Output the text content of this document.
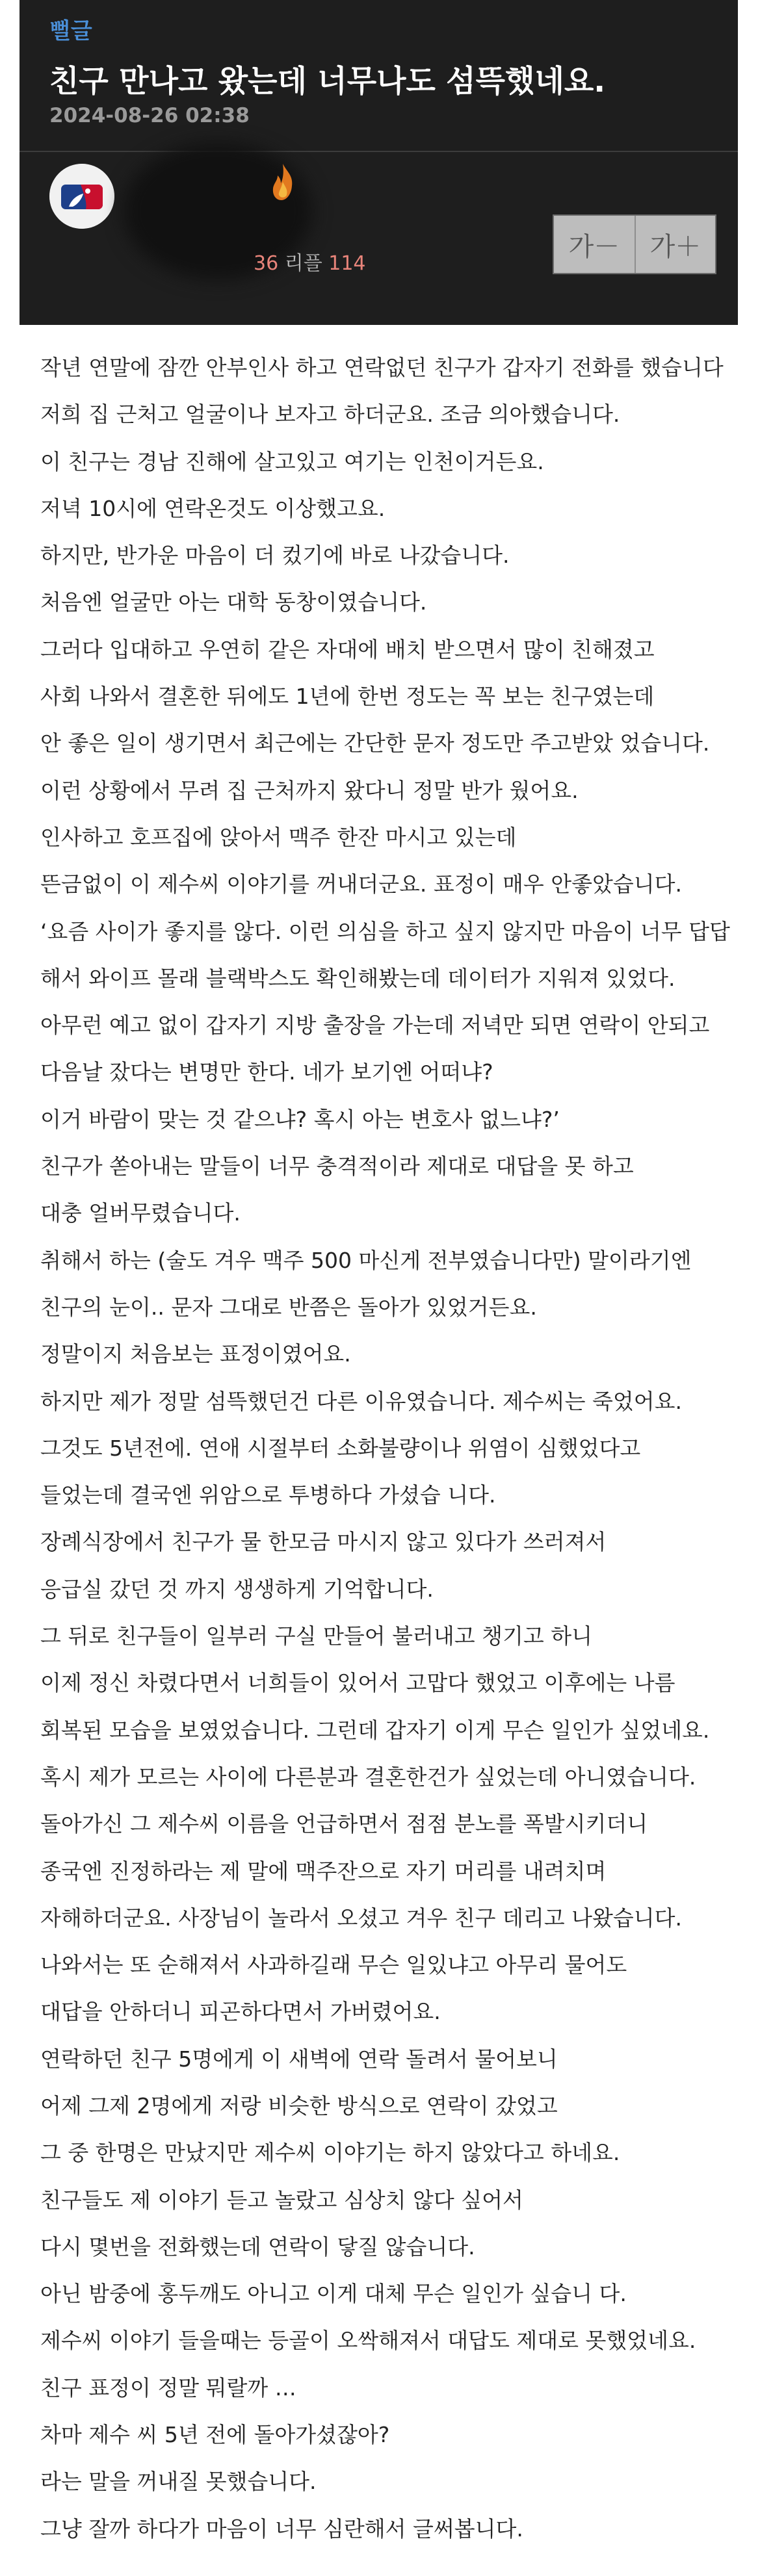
뻘글
친구 만나고 왔는데 너무나도 섬뜩했네요.
2024-08-26 02:38
36 리플 114
가－	가＋
작년 연말에 잠깐 안부인사 하고 연락없던 친구가 갑자기 전화를 했습니다
저희 집 근처고 얼굴이나 보자고 하더군요. 조금 의아했습니다.
이 친구는 경남 진해에 살고있고 여기는 인천이거든요.
저녁 10시에 연락온것도 이상했고요.
하지만, 반가운 마음이 더 컸기에 바로 나갔습니다.
처음엔 얼굴만 아는 대학 동창이였습니다.
그러다 입대하고 우연히 같은 자대에 배치 받으면서 많이 친해졌고
사회 나와서 결혼한 뒤에도 1년에 한번 정도는 꼭 보는 친구였는데
안 좋은 일이 생기면서 최근에는 간단한 문자 정도만 주고받았 었습니다.
이런 상황에서 무려 집 근처까지 왔다니 정말 반가 웠어요.
인사하고 호프집에 앉아서 맥주 한잔 마시고 있는데
뜬금없이 이 제수씨 이야기를 꺼내더군요. 표정이 매우 안좋았습니다.
‘요즘 사이가 좋지를 않다. 이런 의심을 하고 싶지 않지만 마음이 너무 답답
해서 와이프 몰래 블랙박스도 확인해봤는데 데이터가 지워져 있었다.
아무런 예고 없이 갑자기 지방 출장을 가는데 저녁만 되면 연락이 안되고
다음날 잤다는 변명만 한다. 네가 보기엔 어떠냐?
이거 바람이 맞는 것 같으냐? 혹시 아는 변호사 없느냐?’
친구가 쏟아내는 말들이 너무 충격적이라 제대로 대답을 못 하고
대충 얼버무렸습니다.
취해서 하는 (술도 겨우 맥주 500 마신게 전부였습니다만) 말이라기엔
친구의 눈이.. 문자 그대로 반쯤은 돌아가 있었거든요.
정말이지 처음보는 표정이였어요.
하지만 제가 정말 섬뜩했던건 다른 이유였습니다. 제수씨는 죽었어요.
그것도 5년전에. 연애 시절부터 소화불량이나 위염이 심했었다고
들었는데 결국엔 위암으로 투병하다 가셨습 니다.
장례식장에서 친구가 물 한모금 마시지 않고 있다가 쓰러져서
응급실 갔던 것 까지 생생하게 기억합니다.
그 뒤로 친구들이 일부러 구실 만들어 불러내고 챙기고 하니
이제 정신 차렸다면서 너희들이 있어서 고맙다 했었고 이후에는 나름
회복된 모습을 보였었습니다. 그런데 갑자기 이게 무슨 일인가 싶었네요.
혹시 제가 모르는 사이에 다른분과 결혼한건가 싶었는데 아니였습니다.
돌아가신 그 제수씨 이름을 언급하면서 점점 분노를 폭발시키더니
종국엔 진정하라는 제 말에 맥주잔으로 자기 머리를 내려치며
자해하더군요. 사장님이 놀라서 오셨고 겨우 친구 데리고 나왔습니다.
나와서는 또 순해져서 사과하길래 무슨 일있냐고 아무리 물어도
대답을 안하더니 피곤하다면서 가버렸어요.
연락하던 친구 5명에게 이 새벽에 연락 돌려서 물어보니
어제 그제 2명에게 저랑 비슷한 방식으로 연락이 갔었고
그 중 한명은 만났지만 제수씨 이야기는 하지 않았다고 하네요.
친구들도 제 이야기 듣고 놀랐고 심상치 않다 싶어서
다시 몇번을 전화했는데 연락이 닿질 않습니다.
아닌 밤중에 홍두깨도 아니고 이게 대체 무슨 일인가 싶습니 다.
제수씨 이야기 들을때는 등골이 오싹해져서 대답도 제대로 못했었네요.
친구 표정이 정말 뭐랄까 …
차마 제수 씨 5년 전에 돌아가셨잖아?
라는 말을 꺼내질 못했습니다.
그냥 잘까 하다가 마음이 너무 심란해서 글써봅니다.
